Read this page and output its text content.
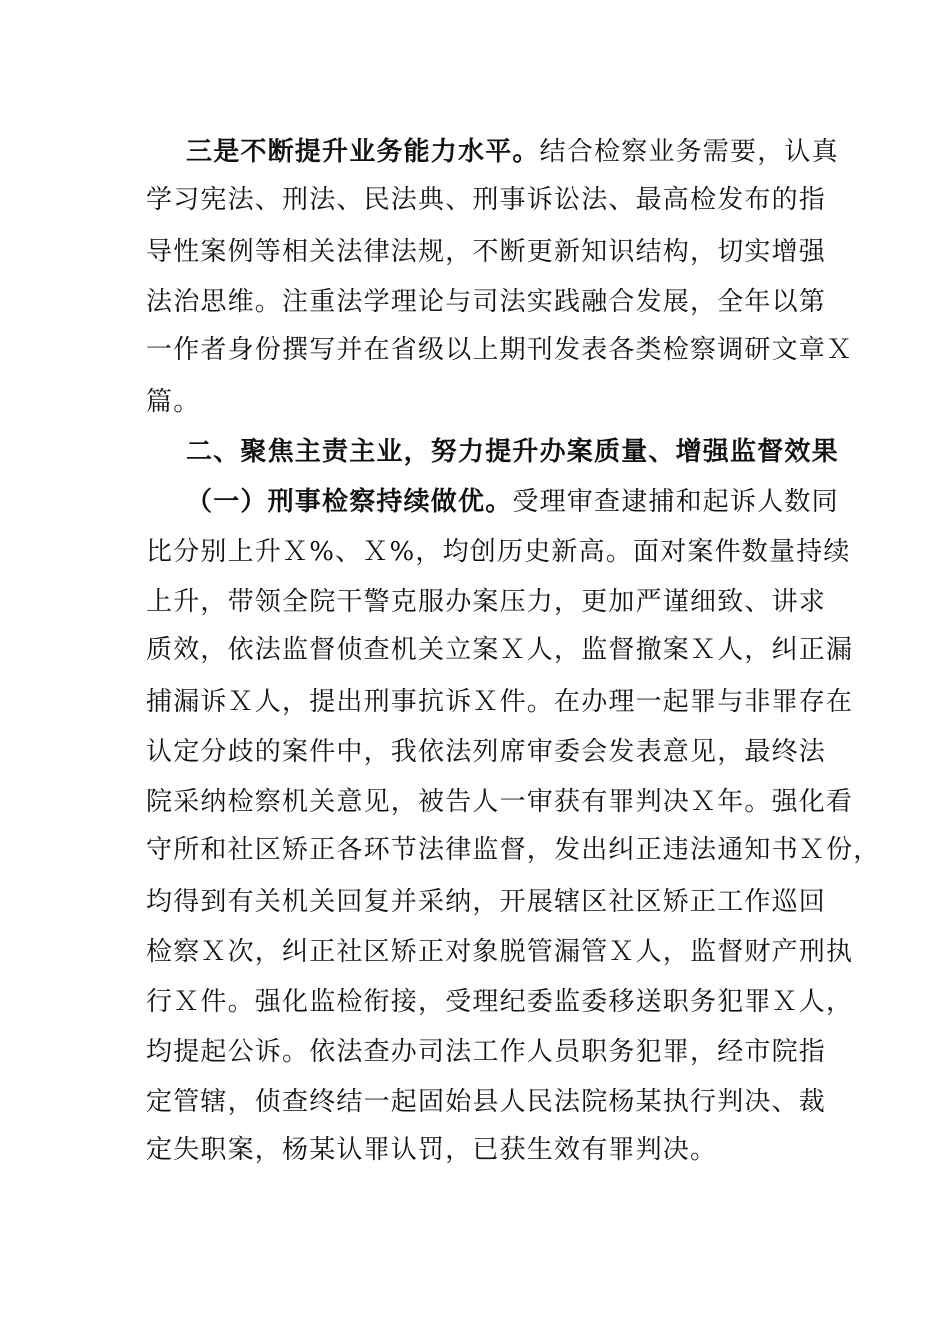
三是不断提升业务能力水平。结合检察业务需要，认真
学习宪法、刑法、民法典、刑事诉讼法、最高检发布的指
导性案例等相关法律法规，不断更新知识结构，切实增强
法治思维。注重法学理论与司法实践融合发展，全年以第
一作者身份撰写并在省级以上期刊发表各类检察调研文章Ｘ
篇。
二、聚焦主责主业，努力提升办案质量、增强监督效果
（一）刑事检察持续做优。受理审查逮捕和起诉人数同
比分别上升Ｘ%、Ｘ%，均创历史新高。面对案件数量持续
上升，带领全院干警克服办案压力，更加严谨细致、讲求
质效，依法监督侦查机关立案Ｘ人，监督撤案Ｘ人，纠正漏
捕漏诉Ｘ人，提出刑事抗诉Ｘ件。在办理一起罪与非罪存在
认定分歧的案件中，我依法列席审委会发表意见，最终法
院采纳检察机关意见，被告人一审获有罪判决Ｘ年。强化看
守所和社区矫正各环节法律监督，发出纠正违法通知书Ｘ份，
均得到有关机关回复并采纳，开展辖区社区矫正工作巡回
检察Ｘ次，纠正社区矫正对象脱管漏管Ｘ人，监督财产刑执
行Ｘ件。强化监检衔接，受理纪委监委移送职务犯罪Ｘ人，
均提起公诉。依法查办司法工作人员职务犯罪，经市院指
定管辖，侦查终结一起固始县人民法院杨某执行判决、裁
定失职案，杨某认罪认罚，已获生效有罪判决。
